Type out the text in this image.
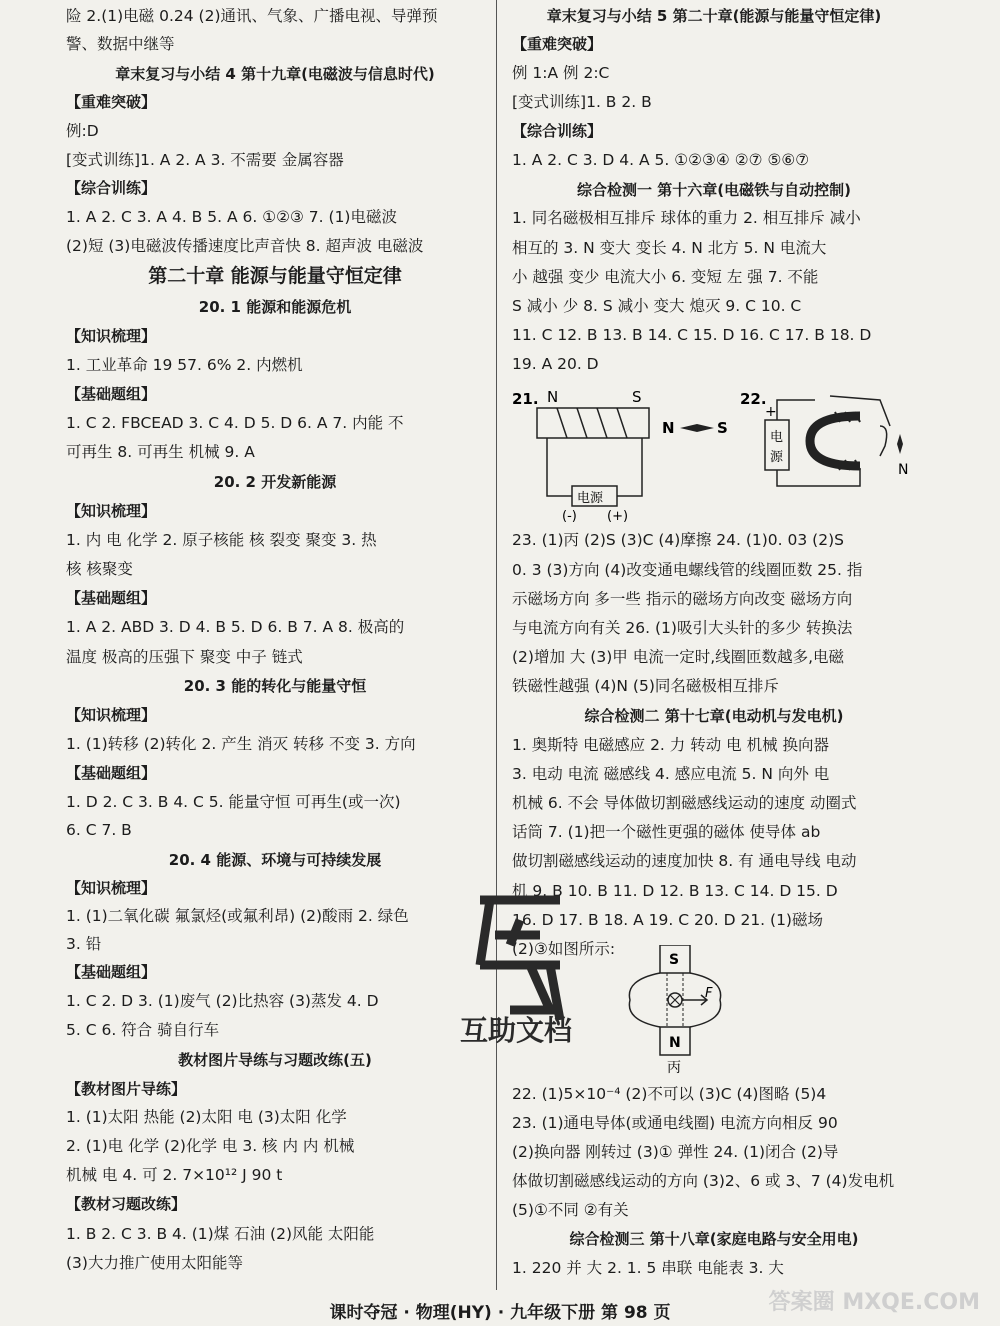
险 2.(1)电磁 0.24 (2)通讯、气象、广播电视、导弹预
警、数据中继等
章末复习与小结 4 第十九章(电磁波与信息时代)
【重难突破】
例:D
[变式训练]1. A 2. A 3. 不需要 金属容器
【综合训练】
1. A 2. C 3. A 4. B 5. A 6. ①②③ 7. (1)电磁波
(2)短 (3)电磁波传播速度比声音快 8. 超声波 电磁波
第二十章 能源与能量守恒定律
20. 1 能源和能源危机
【知识梳理】
1. 工业革命 19 57. 6% 2. 内燃机
【基础题组】
1. C 2. FBCEAD 3. C 4. D 5. D 6. A 7. 内能 不
可再生 8. 可再生 机械 9. A
20. 2 开发新能源
【知识梳理】
1. 内 电 化学 2. 原子核能 核 裂变 聚变 3. 热
核 核聚变
【基础题组】
1. A 2. ABD 3. D 4. B 5. D 6. B 7. A 8. 极高的
温度 极高的压强下 聚变 中子 链式
20. 3 能的转化与能量守恒
【知识梳理】
1. (1)转移 (2)转化 2. 产生 消灭 转移 不变 3. 方向
【基础题组】
1. D 2. C 3. B 4. C 5. 能量守恒 可再生(或一次)
6. C 7. B
20. 4 能源、环境与可持续发展
【知识梳理】
1. (1)二氧化碳 氟氯烃(或氟利昂) (2)酸雨 2. 绿色
3. 铅
【基础题组】
1. C 2. D 3. (1)废气 (2)比热容 (3)蒸发 4. D
5. C 6. 符合 骑自行车
教材图片导练与习题改练(五)
【教材图片导练】
1. (1)太阳 热能 (2)太阳 电 (3)太阳 化学
2. (1)电 化学 (2)化学 电 3. 核 内 内 机械
机械 电 4. 可 2. 7×10¹² J 90 t
【教材习题改练】
1. B 2. C 3. B 4. (1)煤 石油 (2)风能 太阳能
(3)大力推广使用太阳能等
章末复习与小结 5 第二十章(能源与能量守恒定律)
【重难突破】
例 1:A 例 2:C
[变式训练]1. B 2. B
【综合训练】
1. A 2. C 3. D 4. A 5. ①②③④ ②⑦ ⑤⑥⑦
综合检测一 第十六章(电磁铁与自动控制)
1. 同名磁极相互排斥 球体的重力 2. 相互排斥 减小
相互的 3. N 变大 变长 4. N 北方 5. N 电流大
小 越强 变少 电流大小 6. 变短 左 强 7. 不能
S 减小 少 8. S 减小 变大 熄灭 9. C 10. C
11. C 12. B 13. B 14. C 15. D 16. C 17. B 18. D
19. A 20. D
23. (1)丙 (2)S (3)C (4)摩擦 24. (1)0. 03 (2)S
0. 3 (3)方向 (4)改变通电螺线管的线圈匝数 25. 指
示磁场方向 多一些 指示的磁场方向改变 磁场方向
与电流方向有关 26. (1)吸引大头针的多少 转换法
(2)增加 大 (3)甲 电流一定时,线圈匝数越多,电磁
铁磁性越强 (4)N (5)同名磁极相互排斥
综合检测二 第十七章(电动机与发电机)
1. 奥斯特 电磁感应 2. 力 转动 电 机械 换向器
3. 电动 电流 磁感线 4. 感应电流 5. N 向外 电
机械 6. 不会 导体做切割磁感线运动的速度 动圈式
话筒 7. (1)把一个磁性更强的磁体 使导体 ab
做切割磁感线运动的速度加快 8. 有 通电导线 电动
机 9. B 10. B 11. D 12. B 13. C 14. D 15. D
16. D 17. B 18. A 19. C 20. D 21. (1)磁场
(2)③如图所示:
22. (1)5×10⁻⁴ (2)不可以 (3)C (4)图略 (5)4
23. (1)通电导体(或通电线圈) 电流方向相反 90
(2)换向器 刚转过 (3)① 弹性 24. (1)闭合 (2)导
体做切割磁感线运动的方向 (3)2、6 或 3、7 (4)发电机
(5)①不同 ②有关
综合检测三 第十八章(家庭电路与安全用电)
1. 220 并 大 2. 1. 5 串联 电能表 3. 大
21. N	S
电源
(-) (+)
N	S
22.
+
电
源
N
S
N
F
丙
互助文档
课时夺冠 · 物理(HY) · 九年级下册 第 98 页	答案圈 MXQE.COM
